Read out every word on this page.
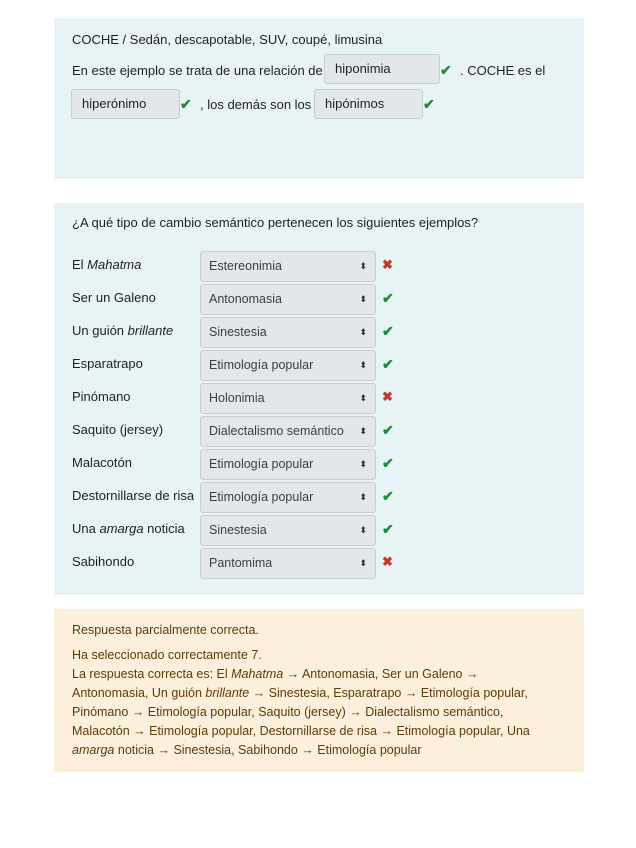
COCHE / Sedán, descapotable, SUV, coupé, limusina
En este ejemplo se trata de una relación de hiponimia	✔ . COCHE es el
hiperónimo	✔ , los demás son los	hipónimos	✔
¿A qué tipo de cambio semántico pertenecen los siguientes ejemplos?
El Mahatma	Estereonimia	⬍ ✖
Ser un Galeno	Antonomasia	⬍ ✔
Un guión brillante	Sinestesia	⬍ ✔
Esparatrapo	Etimología popular	⬍ ✔
Pinómano	Holonimia	⬍ ✖
Saquito (jersey)	Dialectalismo semántico ⬍ ✔
Malacotón	Etimología popular	⬍ ✔
Destornillarse de risa	Etimología popular	⬍ ✔
Una amarga noticia	Sinestesia	⬍ ✔
Sabihondo	Pantomima	⬍ ✖

Respuesta parcialmente correcta.

Ha seleccionado correctamente 7.

La respuesta correcta es: El Mahatma → Antonomasia, Ser un Galeno →
Antonomasia, Un guión brillante → Sinestesia, Esparatrapo → Etimología popular,
Pinómano → Etimología popular, Saquito (jersey) → Dialectalismo semántico,
Malacotón → Etimología popular, Destornillarse de risa → Etimología popular, Una
amarga noticia → Sinestesia, Sabihondo → Etimología popular
